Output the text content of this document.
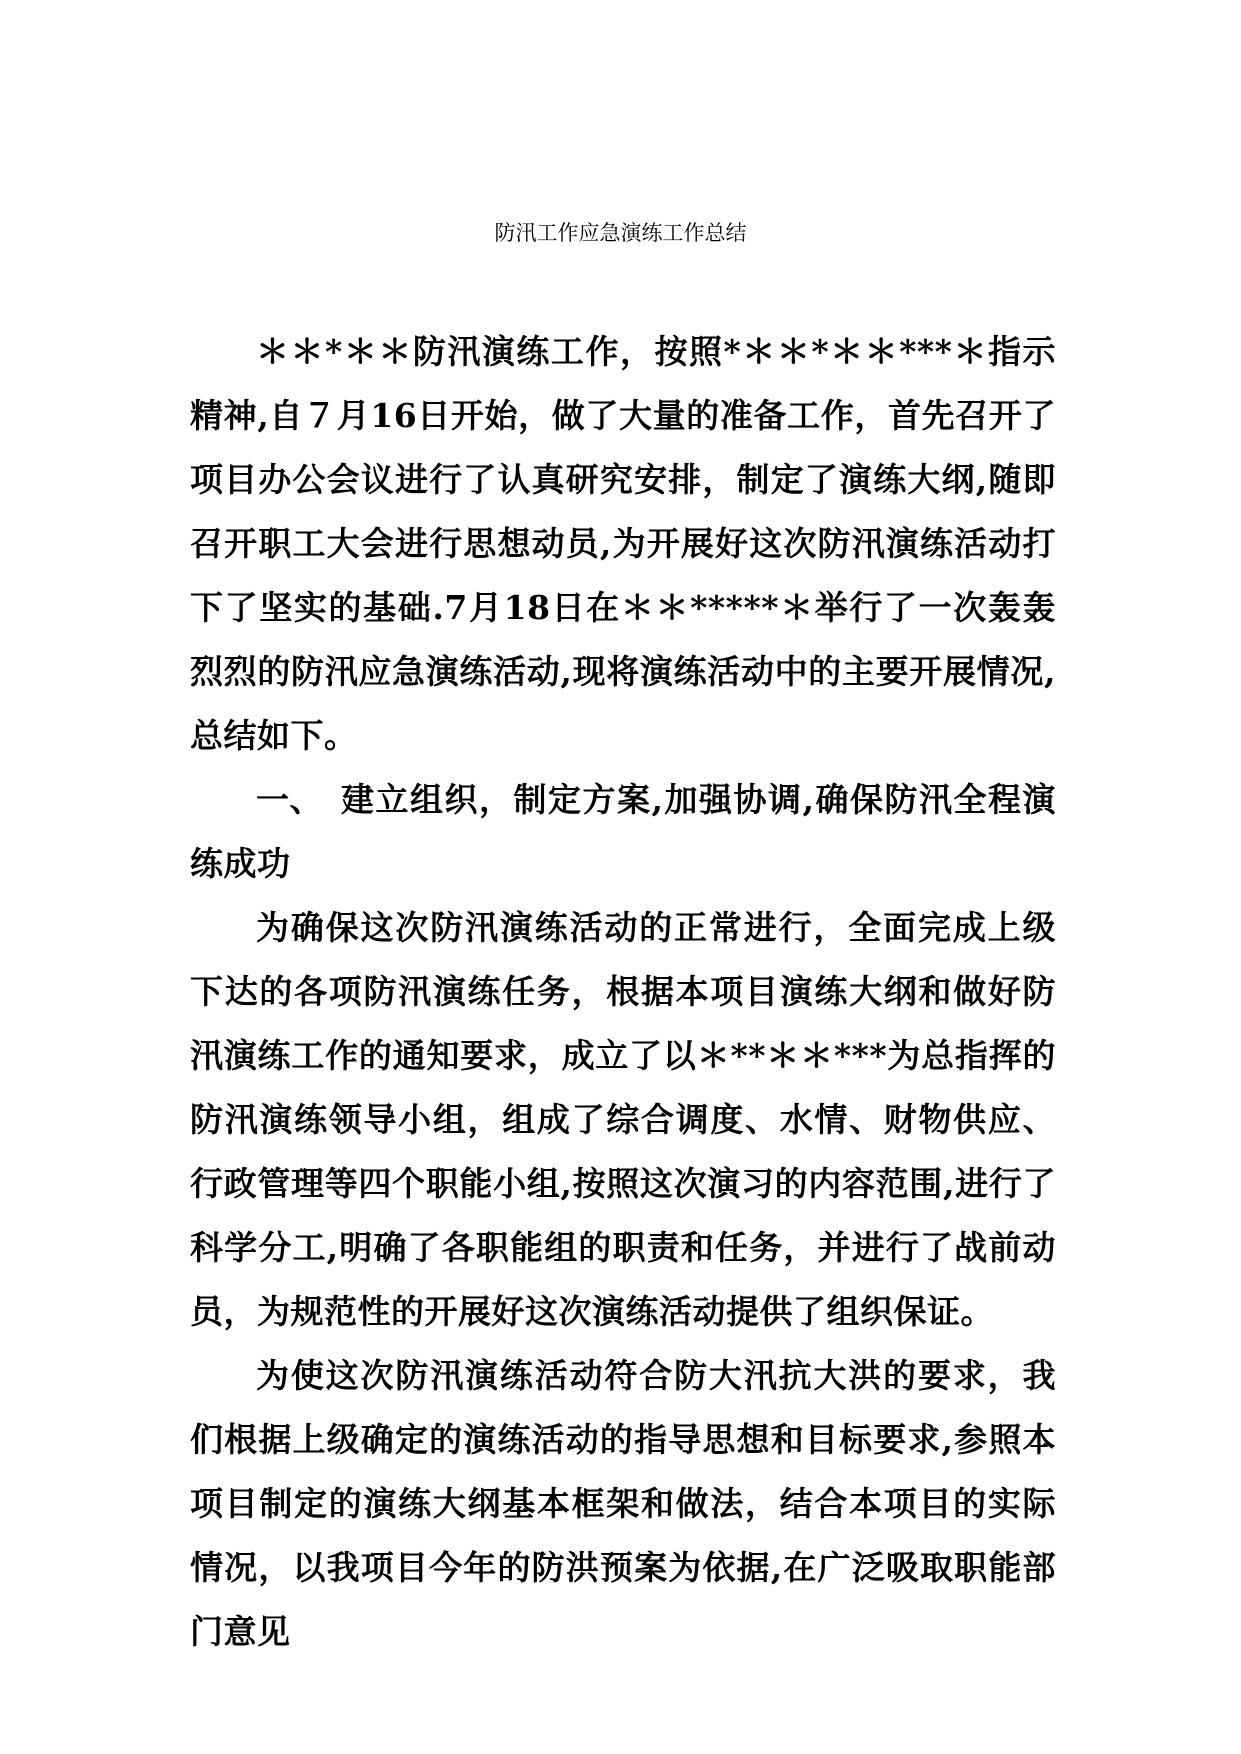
防汛工作应急演练工作总结

＊＊*＊＊防汛演练工作，按照*＊＊*＊＊***＊指示精神,自７月16日开始，做了大量的准备工作，首先召开了项目办公会议进行了认真研究安排，制定了演练大纲,随即召开职工大会进行思想动员,为开展好这次防汛演练活动打下了坚实的基础.7月18日在＊＊*****＊举行了一次轰轰烈烈的防汛应急演练活动,现将演练活动中的主要开展情况,总结如下。

一、 建立组织，制定方案,加强协调,确保防汛全程演练成功

为确保这次防汛演练活动的正常进行，全面完成上级下达的各项防汛演练任务，根据本项目演练大纲和做好防汛演练工作的通知要求，成立了以＊**＊＊***为总指挥的防汛演练领导小组，组成了综合调度、水情、财物供应、行政管理等四个职能小组,按照这次演习的内容范围,进行了科学分工,明确了各职能组的职责和任务，并进行了战前动员，为规范性的开展好这次演练活动提供了组织保证。

为使这次防汛演练活动符合防大汛抗大洪的要求，我们根据上级确定的演练活动的指导思想和目标要求,参照本项目制定的演练大纲基本框架和做法，结合本项目的实际情况，以我项目今年的防洪预案为依据,在广泛吸取职能部门意见
